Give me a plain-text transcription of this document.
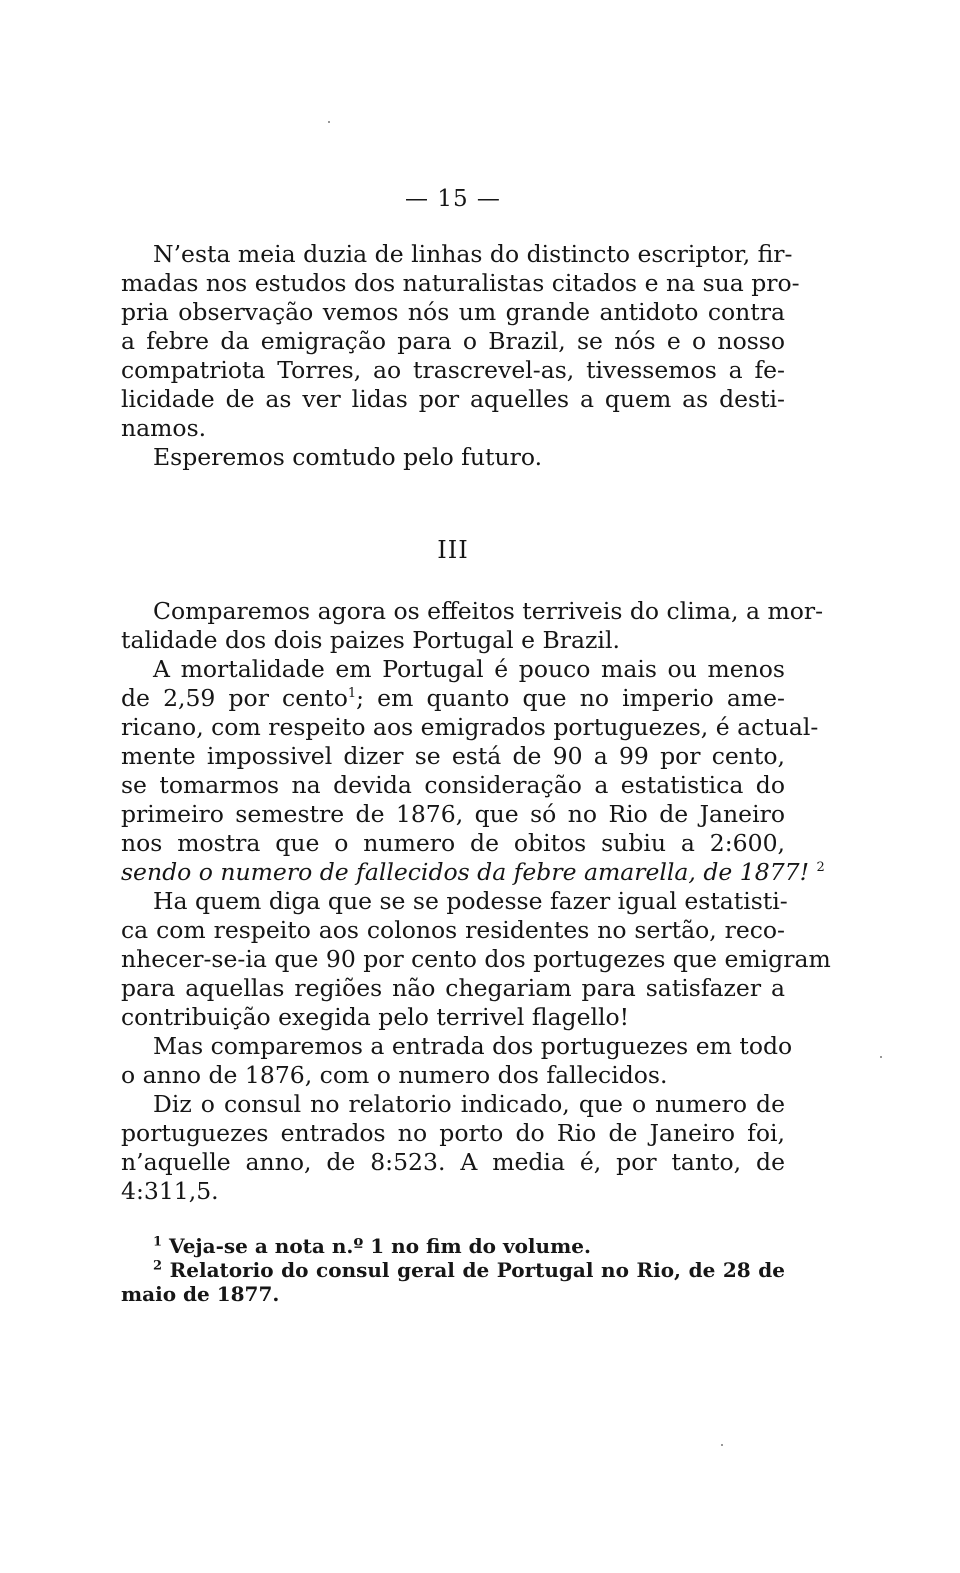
— 15 —
N’esta meia duzia de linhas do distincto escriptor, fir-
madas nos estudos dos naturalistas citados e na sua pro-
pria observação vemos nós um grande antidoto contra
a febre da emigração para o Brazil, se nós e o nosso
compatriota Torres, ao trascrevel-as, tivessemos a fe-
licidade de as ver lidas por aquelles a quem as desti-
namos.
Esperemos comtudo pelo futuro.
III
Comparemos agora os effeitos terriveis do clima, a mor-
talidade dos dois paizes Portugal e Brazil.
A mortalidade em Portugal é pouco mais ou menos
de 2,59 por cento$^1$; em quanto que no imperio ame-
ricano, com respeito aos emigrados portuguezes, é actual-
mente impossivel dizer se está de 90 a 99 por cento,
se tomarmos na devida consideração a estatistica do
primeiro semestre de 1876, que só no Rio de Janeiro
nos mostra que o numero de obitos subiu a 2:600,
sendo o numero de fallecidos da febre amarella, de 1877! $^2$
Ha quem diga que se se podesse fazer igual estatisti-
ca com respeito aos colonos residentes no sertão, reco-
nhecer-se-ia que 90 por cento dos portugezes que emigram
para aquellas regiões não chegariam para satisfazer a
contribuição exegida pelo terrivel flagello!
Mas comparemos a entrada dos portuguezes em todo
o anno de 1876, com o numero dos fallecidos.
Diz o consul no relatorio indicado, que o numero de
portuguezes entrados no porto do Rio de Janeiro foi,
n’aquelle anno, de 8:523. A media é, por tanto, de
4:311,5.
$^1$ Veja-se a nota n.º 1 no fim do volume.
$^2$ Relatorio do consul geral de Portugal no Rio, de 28 de
maio de 1877.
